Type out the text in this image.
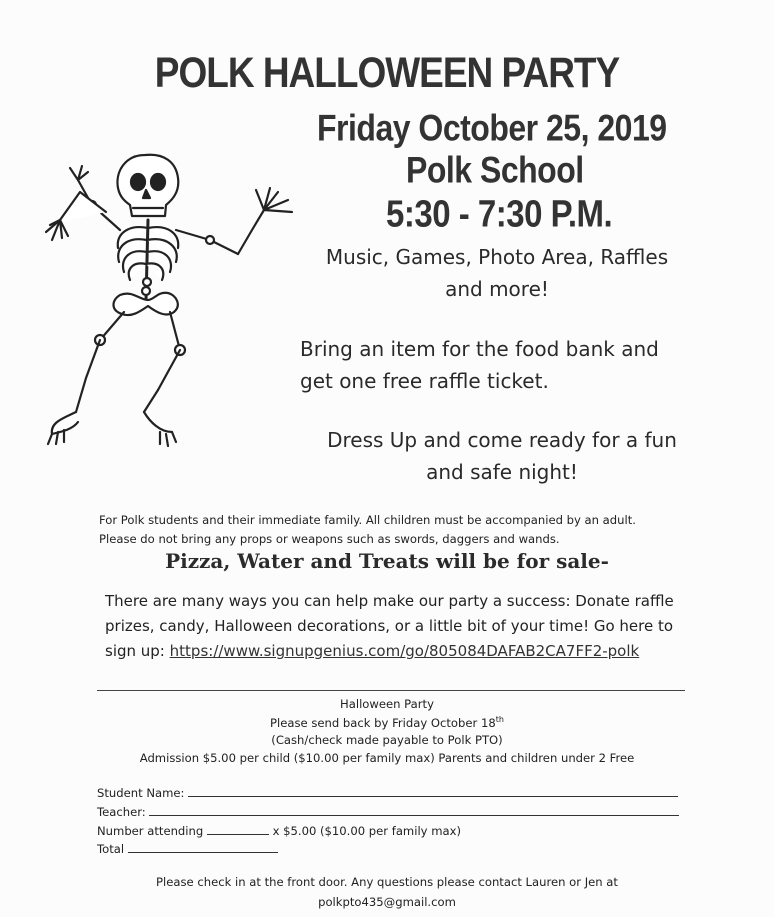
POLK HALLOWEEN PARTY
Friday October 25, 2019
Polk School
5:30 - 7:30 P.M.
Music, Games, Photo Area, Raffles and more!
Bring an item for the food bank and get one free raffle ticket.
Dress Up and come ready for a fun and safe night!
For Polk students and their immediate family. All children must be accompanied by an adult.
Please do not bring any props or weapons such as swords, daggers and wands.
Pizza, Water and Treats will be for sale-
There are many ways you can help make our party a success: Donate raffle prizes, candy, Halloween decorations, or a little bit of your time! Go here to sign up: https://www.signupgenius.com/go/805084DAFAB2CA7FF2-polk
Halloween Party
Please send back by Friday October 18th
(Cash/check made payable to Polk PTO)
Admission $5.00 per child ($10.00 per family max) Parents and children under 2 Free
Student Name:
Teacher:
Number attending	x $5.00 ($10.00 per family max)
Total
Please check in at the front door. Any questions please contact Lauren or Jen at
polkpto435@gmail.com
